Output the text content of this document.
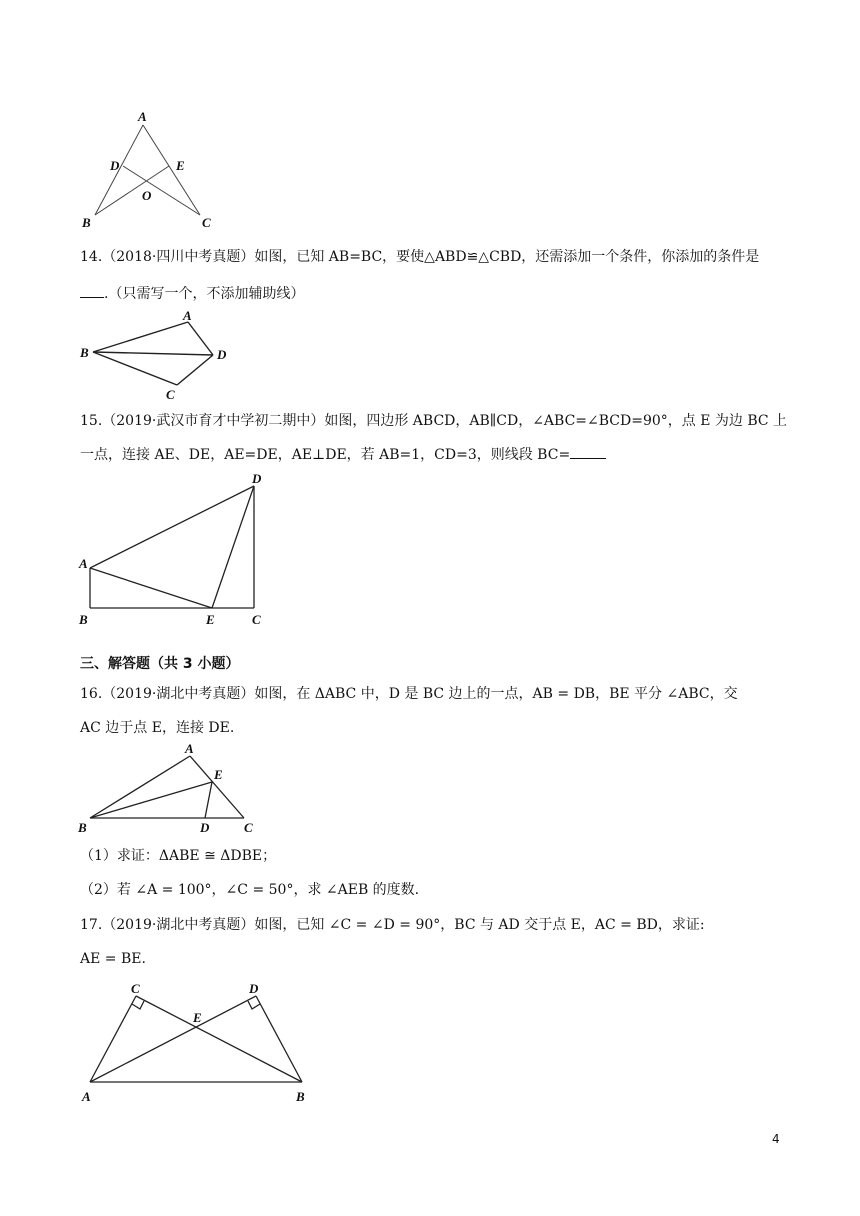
A
B	C
D	E
O
14.（2018·四川中考真题）如图，已知 AB=BC，要使△ABD≌△CBD，还需添加一个条件，你添加的条件是
.（只需写一个，不添加辅助线）
A
B
C
D
15.（2019·武汉市育才中学初二期中）如图，四边形 ABCD，AB∥CD，∠ABC=∠BCD=90°，点 E 为边 BC 上
一点，连接 AE、DE，AE=DE，AE⊥DE，若 AB=1，CD=3，则线段 BC=
A
B	C
D
E
三、解答题（共 3 小题）
16.（2019·湖北中考真题）如图，在 ΔABC 中，D 是 BC 边上的一点，AB = DB，BE 平分 ∠ABC，交
AC 边于点 E，连接 DE.
A
B	C
D
E
（1）求证：ΔABE ≅ ΔDBE；
（2）若 ∠A = 100°，∠C = 50°，求 ∠AEB 的度数.
17.（2019·湖北中考真题）如图，已知 ∠C = ∠D = 90°，BC 与 AD 交于点 E，AC = BD，求证:
AE = BE.
A	B
C	D
E
4
